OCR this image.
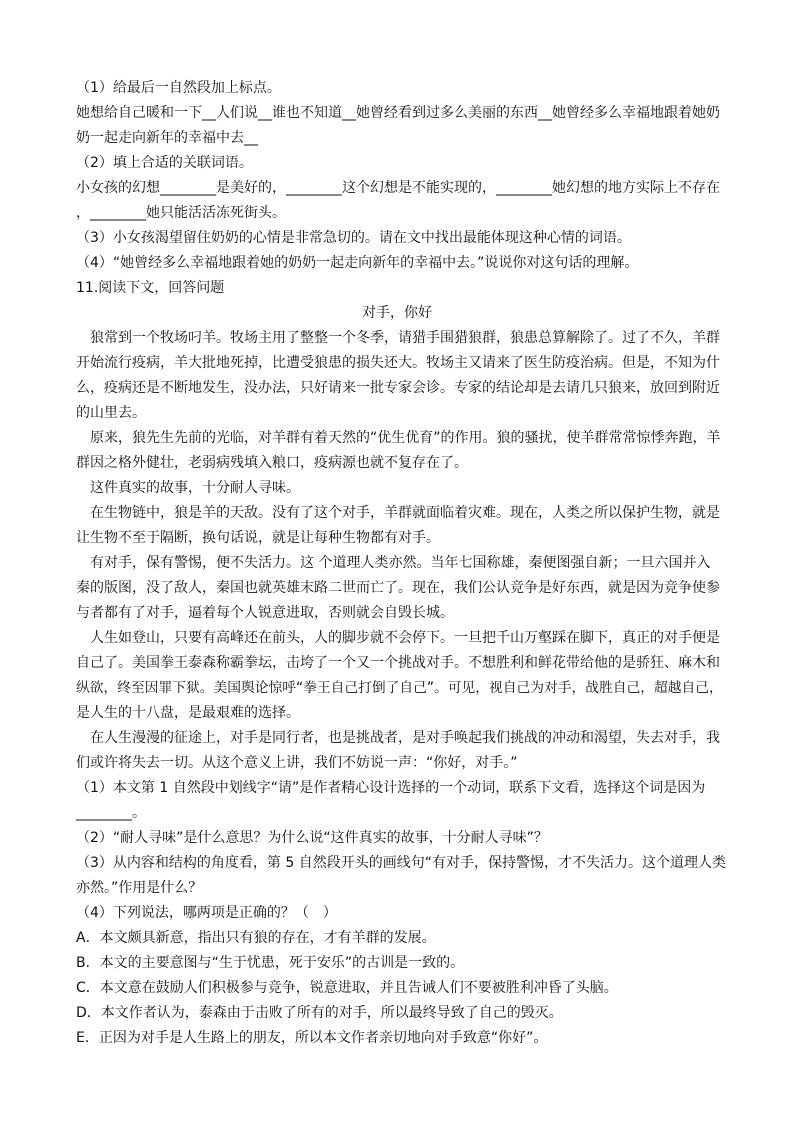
（1）给最后一自然段加上标点。
她想给自己暖和一下__人们说__谁也不知道__她曾经看到过多么美丽的东西__她曾经多么幸福地跟着她奶
奶一起走向新年的幸福中去__
（2）填上合适的关联词语。
小女孩的幻想________是美好的，________这个幻想是不能实现的，________她幻想的地方实际上不存在
，________她只能活活冻死街头。
（3）小女孩渴望留住奶奶的心情是非常急切的。请在文中找出最能体现这种心情的词语。
（4）“她曾经多么幸福地跟着她的奶奶一起走向新年的幸福中去。”说说你对这句话的理解。
11.阅读下文，回答问题
对手，你好
狼常到一个牧场叼羊。牧场主用了整整一个冬季，请猎手围猎狼群，狼患总算解除了。过了不久，羊群
开始流行疫病，羊大批地死掉，比遭受狼患的损失还大。牧场主又请来了医生防疫治病。但是，不知为什
么，疫病还是不断地发生，没办法，只好请来一批专家会诊。专家的结论却是去请几只狼来，放回到附近
的山里去。
原来，狼先生先前的光临，对羊群有着天然的“优生优育”的作用。狼的骚扰，使羊群常常惊悸奔跑，羊
群因之格外健壮，老弱病残填入粮口，疫病源也就不复存在了。
这件真实的故事，十分耐人寻味。
在生物链中，狼是羊的天敌。没有了这个对手，羊群就面临着灾难。现在，人类之所以保护生物，就是
让生物不至于隔断，换句话说，就是让每种生物都有对手。
有对手，保有警惕，便不失活力。这 个道理人类亦然。当年七国称雄，秦便图强自新；一旦六国并入
秦的版图，没了敌人，秦国也就英雄末路二世而亡了。现在，我们公认竞争是好东西，就是因为竞争使参
与者都有了对手，逼着每个人锐意进取，否则就会自毁长城。
人生如登山，只要有高峰还在前头，人的脚步就不会停下。一旦把千山万壑踩在脚下，真正的对手便是
自己了。美国拳王泰森称霸拳坛，击垮了一个又一个挑战对手。不想胜利和鲜花带给他的是骄狂、麻木和
纵欲，终至因罪下狱。美国舆论惊呼“拳王自己打倒了自己”。可见，视自己为对手，战胜自己，超越自己，
是人生的十八盘，是最艰难的选择。
在人生漫漫的征途上，对手是同行者，也是挑战者，是对手唤起我们挑战的冲动和渴望，失去对手，我
们或许将失去一切。从这个意义上讲，我们不妨说一声：“你好，对手。”
（1）本文第 1 自然段中划线字“请”是作者精心设计选择的一个动词，联系下文看，选择这个词是因为
________。
（2）“耐人寻味”是什么意思？为什么说“这件真实的故事，十分耐人寻味”？
（3）从内容和结构的角度看，第 5 自然段开头的画线句“有对手，保持警惕，才不失活力。这个道理人类
亦然。”作用是什么？
（4）下列说法，哪两项是正确的？（　）
A．本文颇具新意，指出只有狼的存在，才有羊群的发展。
B．本文的主要意图与“生于忧患，死于安乐”的古训是一致的。
C．本文意在鼓励人们积极参与竞争，锐意进取，并且告诫人们不要被胜利冲昏了头脑。
D．本文作者认为，泰森由于击败了所有的对手，所以最终导致了自己的毁灭。
E．正因为对手是人生路上的朋友，所以本文作者亲切地向对手致意“你好”。
